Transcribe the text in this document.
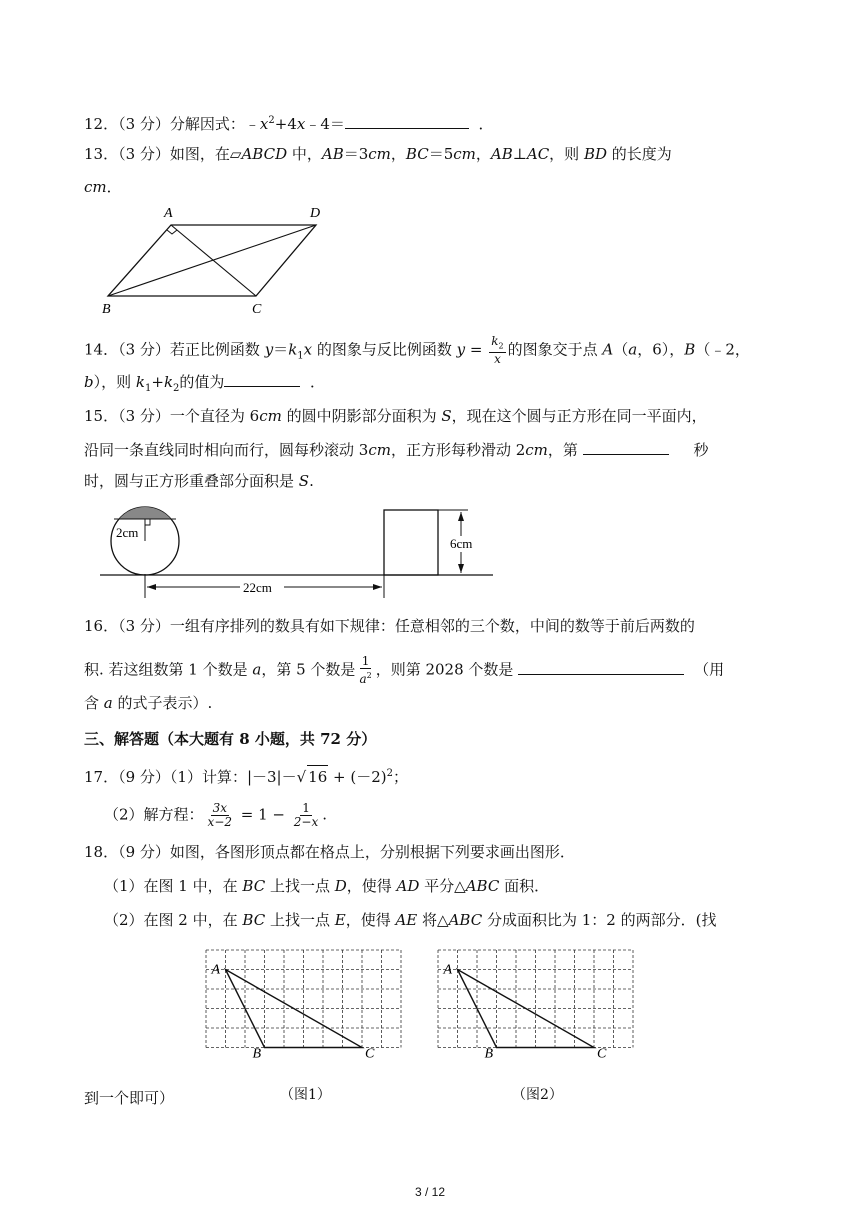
12．（3 分）分解因式：$﹣x^2+4x﹣4=$	．
13．（3 分）如图，在▱ABCD 中，AB＝3cm，BC＝5cm，AB⊥AC，则 BD 的长度为
cm．
A	D
B	C
14．（3 分）若正比例函数 $y=k_1x$ 的图象与反比例函数 $y = \frac{k_2}{x}$ 的图象交于点 A（a，6），B（﹣2，
b），则 $k_1+k_2$的值为	．
15．（3 分）一个直径为 6cm 的圆中阴影部分面积为 S，现在这个圆与正方形在同一平面内，
沿同一条直线同时相向而行，圆每秒滚动 3cm，正方形每秒滑动 2cm，第	秒
时，圆与正方形重叠部分面积是 S.
2cm
22cm
6cm
16．（3 分）一组有序排列的数具有如下规律：任意相邻的三个数，中间的数等于前后两数的
积. 若这组数第 1 个数是 a，第 5 个数是 $\frac{1}{a^2}$ ，则第 2028 个数是	（用
含 a 的式子表示）.
三、解答题（本大题有 8 小题，共 72 分）
17．（9 分）（1）计算：|－3|－√ $16 + (-2)^2$；
（2）解方程： $\frac{3x}{x-2} = 1 - \frac{1}{2-x}$ .
18．（9 分）如图，各图形顶点都在格点上，分别根据下列要求画出图形．
（1）在图 1 中，在 BC 上找一点 D，使得 AD 平分△ABC 面积．
（2）在图 2 中，在 BC 上找一点 E，使得 AE 将△ABC 分成面积比为 1：2 的两部分．(找
A
B	C
A
B	C
到一个即可）	（图1）	（图2）
3 / 12
